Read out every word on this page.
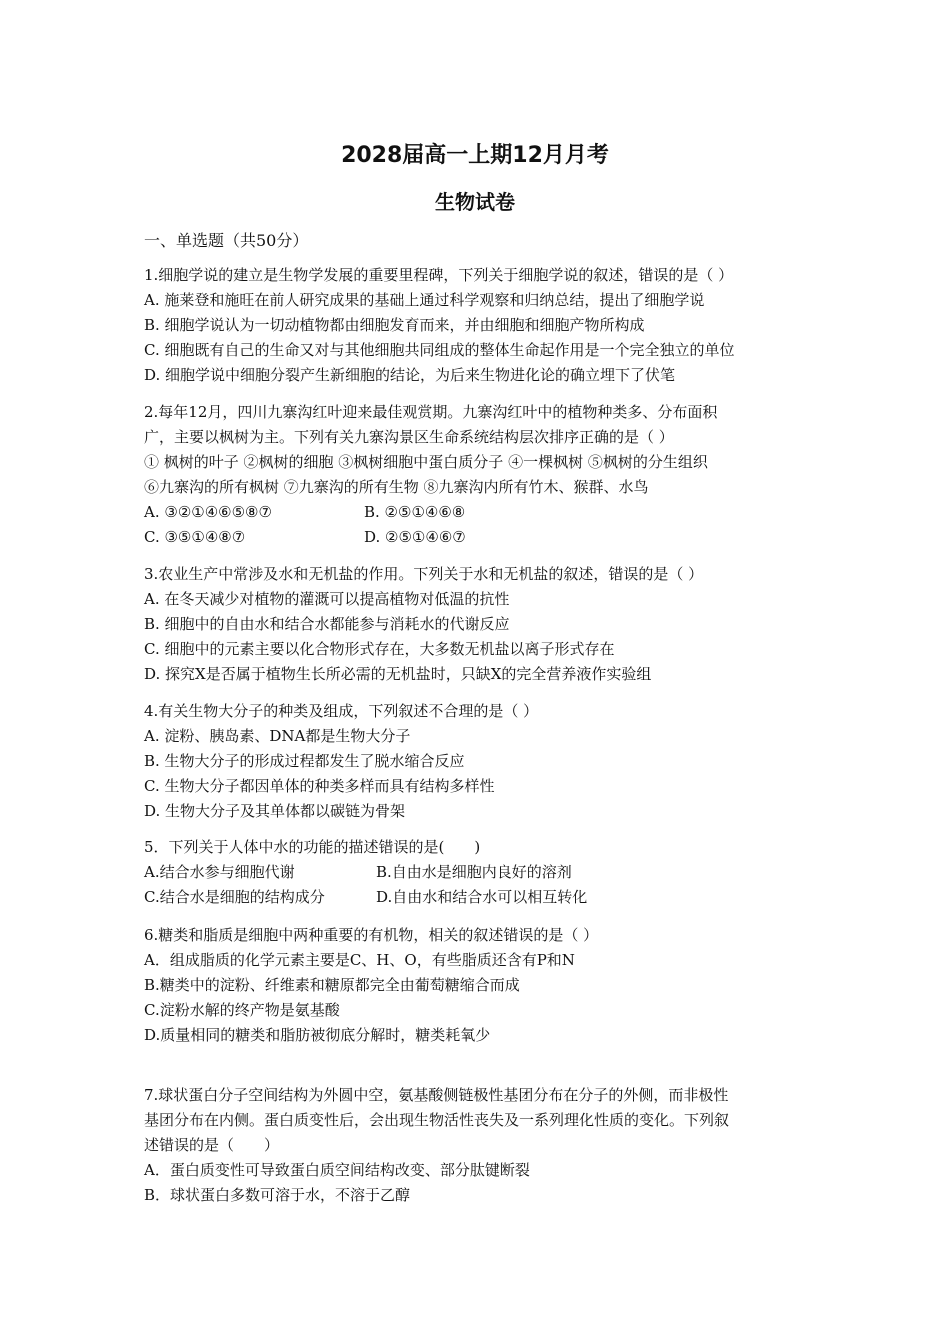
2028届高一上期12月月考
生物试卷
一、单选题（共50分）
1.细胞学说的建立是生物学发展的重要里程碑，下列关于细胞学说的叙述，错误的是（ ）
A. 施莱登和施旺在前人研究成果的基础上通过科学观察和归纳总结，提出了细胞学说
B. 细胞学说认为一切动植物都由细胞发育而来，并由细胞和细胞产物所构成
C. 细胞既有自己的生命又对与其他细胞共同组成的整体生命起作用是一个完全独立的单位
D. 细胞学说中细胞分裂产生新细胞的结论，为后来生物进化论的确立埋下了伏笔
2.每年12月，四川九寨沟红叶迎来最佳观赏期。九寨沟红叶中的植物种类多、分布面积
广，主要以枫树为主。下列有关九寨沟景区生命系统结构层次排序正确的是（ ）
① 枫树的叶子 ②枫树的细胞 ③枫树细胞中蛋白质分子 ④一棵枫树 ⑤枫树的分生组织
⑥九寨沟的所有枫树 ⑦九寨沟的所有生物 ⑧九寨沟内所有竹木、猴群、水鸟
A. ③②①④⑥⑤⑧⑦	B. ②⑤①④⑥⑧
C. ③⑤①④⑧⑦	D. ②⑤①④⑥⑦
3.农业生产中常涉及水和无机盐的作用。下列关于水和无机盐的叙述，错误的是（ ）
A. 在冬天减少对植物的灌溉可以提高植物对低温的抗性
B. 细胞中的自由水和结合水都能参与消耗水的代谢反应
C. 细胞中的元素主要以化合物形式存在，大多数无机盐以离子形式存在
D. 探究X是否属于植物生长所必需的无机盐时，只缺X的完全营养液作实验组
4.有关生物大分子的种类及组成，下列叙述不合理的是（ ）
A. 淀粉、胰岛素、DNA都是生物大分子
B. 生物大分子的形成过程都发生了脱水缩合反应
C. 生物大分子都因单体的种类多样而具有结构多样性
D. 生物大分子及其单体都以碳链为骨架
5．下列关于人体中水的功能的描述错误的是(　　)
A.结合水参与细胞代谢	B.自由水是细胞内良好的溶剂
C.结合水是细胞的结构成分	D.自由水和结合水可以相互转化
6.糖类和脂质是细胞中两种重要的有机物，相关的叙述错误的是（ ）
A．组成脂质的化学元素主要是C、H、O，有些脂质还含有P和N
B.糖类中的淀粉、纤维素和糖原都完全由葡萄糖缩合而成
C.淀粉水解的终产物是氨基酸
D.质量相同的糖类和脂肪被彻底分解时，糖类耗氧少
7.球状蛋白分子空间结构为外圆中空，氨基酸侧链极性基团分布在分子的外侧，而非极性
基团分布在内侧。蛋白质变性后，会出现生物活性丧失及一系列理化性质的变化。下列叙
述错误的是（　　）
A．蛋白质变性可导致蛋白质空间结构改变、部分肽键断裂
B．球状蛋白多数可溶于水，不溶于乙醇
